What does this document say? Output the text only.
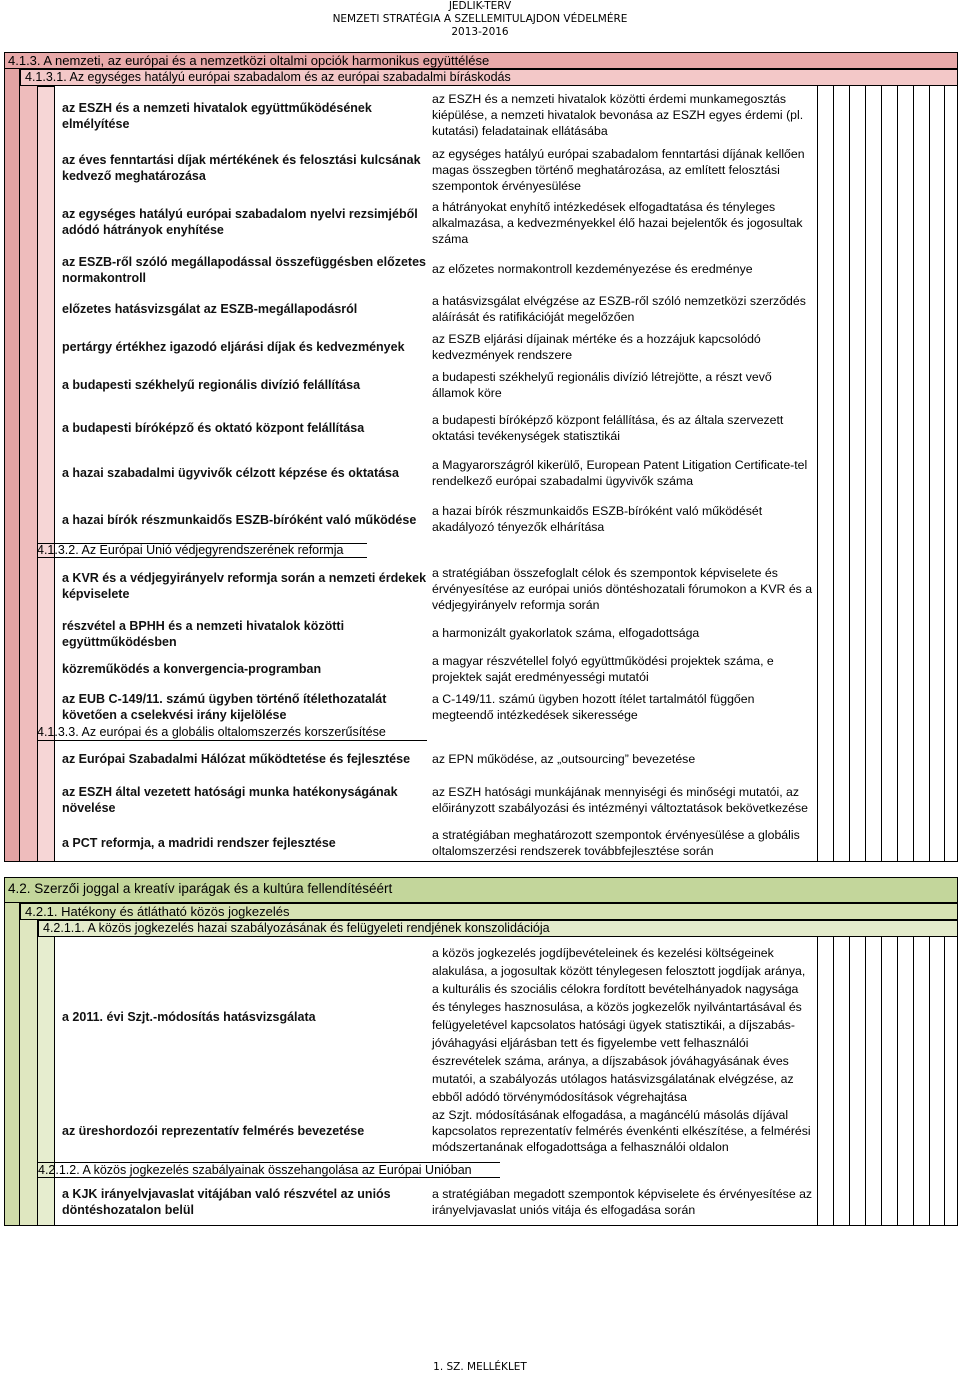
JEDLIK-TERV
NEMZETI STRATÉGIA A SZELLEMITULAJDON VÉDELMÉRE
2013-2016
4.1.3. A nemzeti, az európai és a nemzetközi oltalmi opciók harmonikus együttélése
4.1.3.1. Az egységes hatályú európai szabadalom és az európai szabadalmi bíráskodás
az ESZH és a nemzeti hivatalok együttműködésének elmélyítése
az ESZH és a nemzeti hivatalok közötti érdemi munkamegosztás kiépülése, a nemzeti hivatalok bevonása az ESZH egyes érdemi (pl. kutatási) feladatainak ellátásába
az éves fenntartási díjak mértékének és felosztási kulcsának kedvező meghatározása
az egységes hatályú európai szabadalom fenntartási díjának kellően magas összegben történő meghatározása, az említett felosztási szempontok érvényesülése
az egységes hatályú európai szabadalom nyelvi rezsimjéből adódó hátrányok enyhítése
a hátrányokat enyhítő intézkedések elfogadtatása és tényleges alkalmazása, a kedvezményekkel élő hazai bejelentők és jogosultak száma
az ESZB-ről szóló megállapodással összefüggésben előzetes normakontroll
az előzetes normakontroll kezdeményezése és eredménye
előzetes hatásvizsgálat az ESZB-megállapodásról
a hatásvizsgálat elvégzése az ESZB-ről szóló nemzetközi szerződés aláírását és ratifikációját megelőzően
pertárgy értékhez igazodó eljárási díjak és kedvezmények
az ESZB eljárási díjainak mértéke és a hozzájuk kapcsolódó kedvezmények rendszere
a budapesti székhelyű regionális divízió felállítása
a budapesti székhelyű regionális divízió létrejötte, a részt vevő államok köre
a budapesti bíróképző és oktató központ felállítása
a budapesti bíróképző központ felállítása, és az általa szervezett oktatási tevékenységek statisztikái
a hazai szabadalmi ügyvivők célzott képzése és oktatása
a Magyarországról kikerülő, European Patent Litigation Certificate-tel rendelkező európai szabadalmi ügyvivők száma
a hazai bírók részmunkaidős ESZB-bíróként való működése
a hazai bírók részmunkaidős ESZB-bíróként való működését akadályozó tényezők elhárítása
4.1.3.2. Az Európai Unió védjegyrendszerének reformja
a KVR és a védjegyirányelv reformja során a nemzeti érdekek képviselete
a stratégiában összefoglalt célok és szempontok képviselete és érvényesítése az európai uniós döntéshozatali fórumokon a KVR és a védjegyirányelv reformja során
részvétel a BPHH és a nemzeti hivatalok közötti együttműködésben
a harmonizált gyakorlatok száma, elfogadottsága
közreműködés a konvergencia-programban
a magyar részvétellel folyó együttműködési projektek száma, e projektek saját eredményességi mutatói
az EUB C-149/11. számú ügyben történő ítélethozatalát követően a cselekvési irány kijelölése
a C-149/11. számú ügyben hozott ítélet tartalmától függően megteendő intézkedések sikeressége
4.1.3.3. Az európai és a globális oltalomszerzés korszerűsítése
az Európai Szabadalmi Hálózat működtetése és fejlesztése	az EPN működése, az „outsourcing” bevezetése
az ESZH által vezetett hatósági munka hatékonyságának növelése
az ESZH hatósági munkájának mennyiségi és minőségi mutatói, az előirányzott szabályozási és intézményi változtatások bekövetkezése
a PCT reformja, a madridi rendszer fejlesztése
a stratégiában meghatározott szempontok érvényesülése a globális oltalomszerzési rendszerek továbbfejlesztése során
4.2. Szerzői joggal a kreatív iparágak és a kultúra fellendítéséért
4.2.1. Hatékony és átlátható közös jogkezelés
4.2.1.1. A közös jogkezelés hazai szabályozásának és felügyeleti rendjének konszolidációja
a 2011. évi Szjt.-módosítás hatásvizsgálata
a közös jogkezelés jogdíjbevételeinek és kezelési költségeinek alakulása, a jogosultak között ténylegesen felosztott jogdíjak aránya, a kulturális és szociális célokra fordított bevételhányadok nagysága és tényleges hasznosulása, a közös jogkezelők nyilvántartásával és felügyeletével kapcsolatos hatósági ügyek statisztikái, a díjszabás-jóváhagyási eljárásban tett és figyelembe vett felhasználói észrevételek száma, aránya, a díjszabások jóváhagyásának éves mutatói, a szabályozás utólagos hatásvizsgálatának elvégzése, az ebből adódó törvénymódosítások végrehajtása
az üreshordozói reprezentatív felmérés bevezetése
az Szjt. módosításának elfogadása, a magáncélú másolás díjával kapcsolatos reprezentatív felmérés évenkénti elkészítése, a felmérési módszertanának elfogadottsága a felhasználói oldalon
4.2.1.2. A közös jogkezelés szabályainak összehangolása az Európai Unióban
a KJK irányelvjavaslat vitájában való részvétel az uniós döntéshozatalon belül
a stratégiában megadott szempontok képviselete és érvényesítése az irányelvjavaslat uniós vitája és elfogadása során
1. SZ. MELLÉKLET
